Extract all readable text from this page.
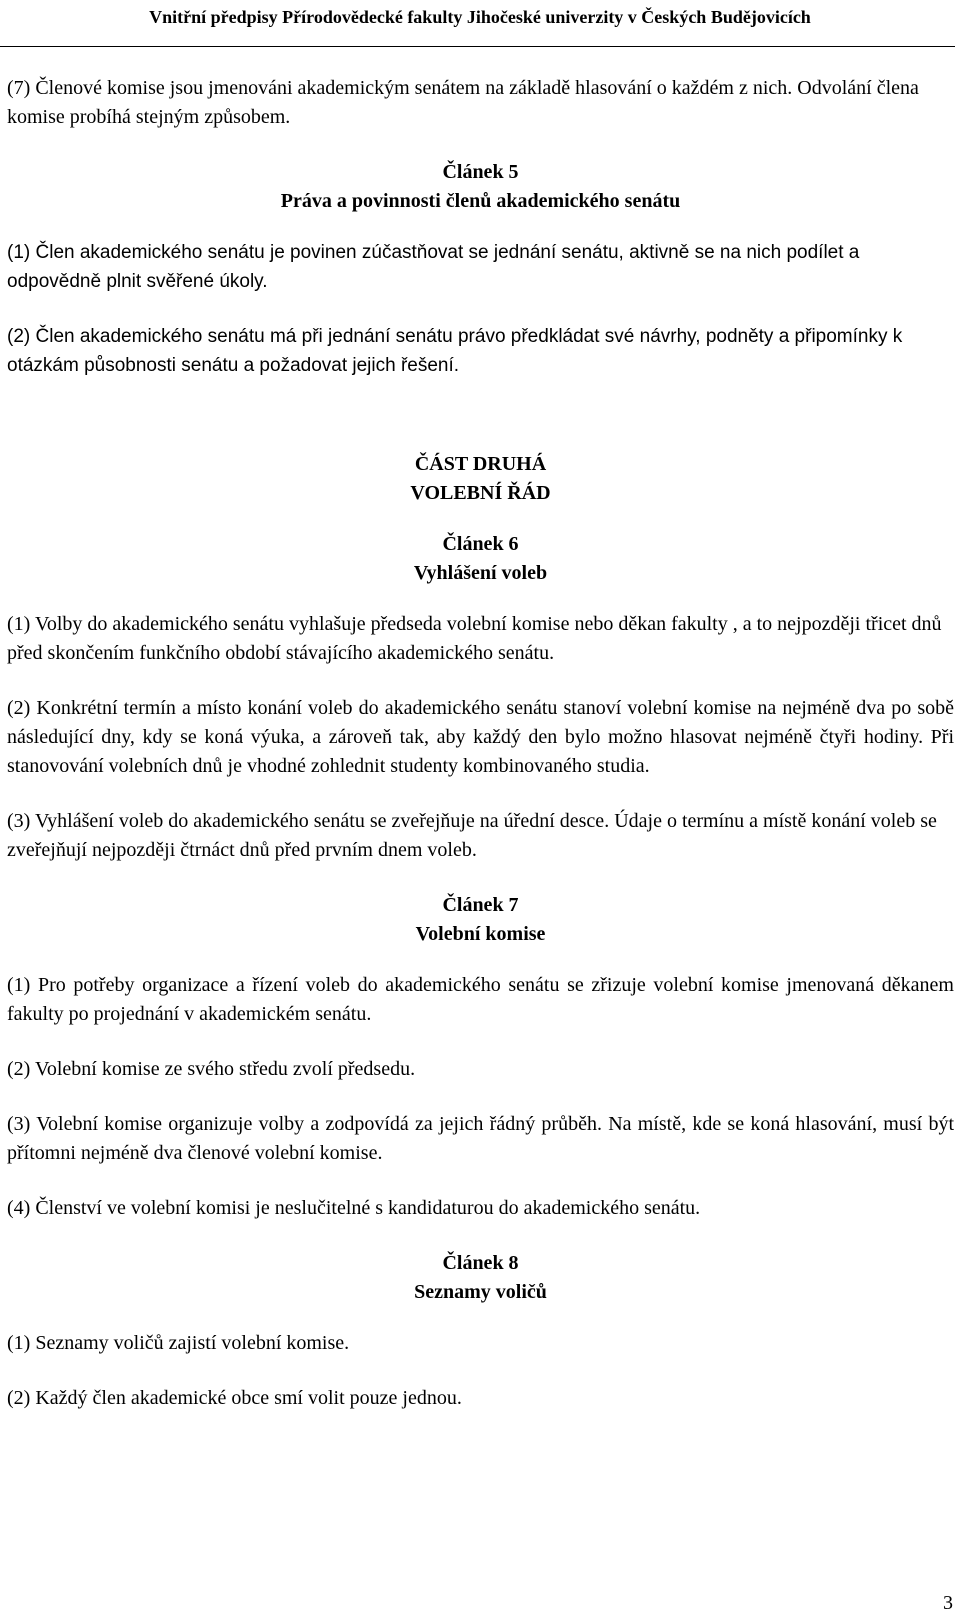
Vnitřní předpisy Přírodovědecké fakulty Jihočeské univerzity v Českých Budějovicích

(7) Členové komise jsou jmenováni akademickým senátem na základě hlasování o každém z nich. Odvolání člena komise probíhá stejným způsobem.

Článek 5

Práva a povinnosti členů akademického senátu

(1) Člen akademického senátu je povinen zúčastňovat se jednání senátu, aktivně se na nich podílet a odpovědně plnit svěřené úkoly.

(2) Člen akademického senátu má při jednání senátu právo předkládat své návrhy, podněty a připomínky k otázkám působnosti senátu a požadovat jejich řešení.

ČÁST DRUHÁ

VOLEBNÍ ŘÁD

Článek 6

Vyhlášení voleb

(1) Volby do akademického senátu vyhlašuje předseda volební komise nebo děkan fakulty , a to nejpozději třicet dnů před skončením funkčního období stávajícího akademického senátu.

(2) Konkrétní termín a místo konání voleb do akademického senátu stanoví volební komise na nejméně dva po sobě následující dny, kdy se koná výuka, a zároveň tak, aby každý den bylo možno hlasovat nejméně čtyři hodiny. Při stanovování volebních dnů je vhodné zohlednit studenty kombinovaného studia.

(3) Vyhlášení voleb do akademického senátu se zveřejňuje na úřední desce. Údaje o termínu a místě konání voleb se zveřejňují nejpozději čtrnáct dnů před prvním dnem voleb.

Článek 7

Volební komise

(1) Pro potřeby organizace a řízení voleb do akademického senátu se zřizuje volební komise jmenovaná děkanem fakulty po projednání v akademickém senátu.

(2) Volební komise ze svého středu zvolí předsedu.

(3) Volební komise organizuje volby a zodpovídá za jejich řádný průběh. Na místě, kde se koná hlasování, musí být přítomni nejméně dva členové volební komise.

(4) Členství ve volební komisi je neslučitelné s kandidaturou do akademického senátu.

Článek 8

Seznamy voličů

(1) Seznamy voličů zajistí volební komise.

(2) Každý člen akademické obce smí volit pouze jednou.

3
